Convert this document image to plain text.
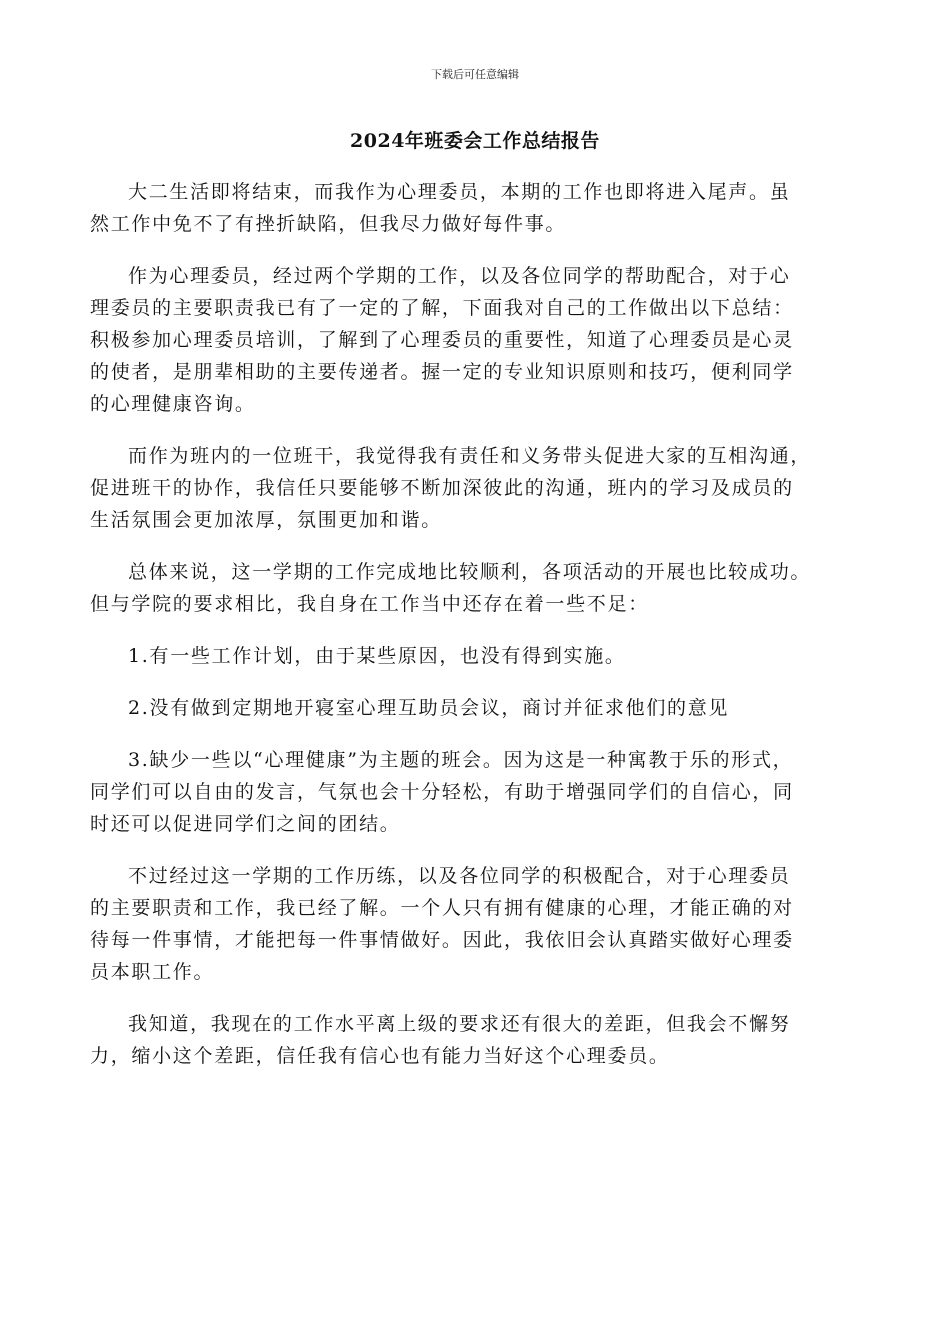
下载后可任意编辑
2024年班委会工作总结报告

大二生活即将结束，而我作为心理委员，本期的工作也即将进入尾声。虽
然工作中免不了有挫折缺陷，但我尽力做好每件事。

作为心理委员，经过两个学期的工作，以及各位同学的帮助配合，对于心
理委员的主要职责我已有了一定的了解，下面我对自己的工作做出以下总结：
积极参加心理委员培训，了解到了心理委员的重要性，知道了心理委员是心灵
的使者，是朋辈相助的主要传递者。握一定的专业知识原则和技巧，便利同学
的心理健康咨询。

而作为班内的一位班干，我觉得我有责任和义务带头促进大家的互相沟通，
促进班干的协作，我信任只要能够不断加深彼此的沟通，班内的学习及成员的
生活氛围会更加浓厚，氛围更加和谐。

总体来说，这一学期的工作完成地比较顺利，各项活动的开展也比较成功。
但与学院的要求相比，我自身在工作当中还存在着一些不足：

1.有一些工作计划，由于某些原因，也没有得到实施。

2.没有做到定期地开寝室心理互助员会议，商讨并征求他们的意见

3.缺少一些以“心理健康”为主题的班会。因为这是一种寓教于乐的形式，
同学们可以自由的发言，气氛也会十分轻松，有助于增强同学们的自信心，同
时还可以促进同学们之间的团结。

不过经过这一学期的工作历练，以及各位同学的积极配合，对于心理委员
的主要职责和工作，我已经了解。一个人只有拥有健康的心理，才能正确的对
待每一件事情，才能把每一件事情做好。因此，我依旧会认真踏实做好心理委
员本职工作。

我知道，我现在的工作水平离上级的要求还有很大的差距，但我会不懈努
力，缩小这个差距，信任我有信心也有能力当好这个心理委员。
